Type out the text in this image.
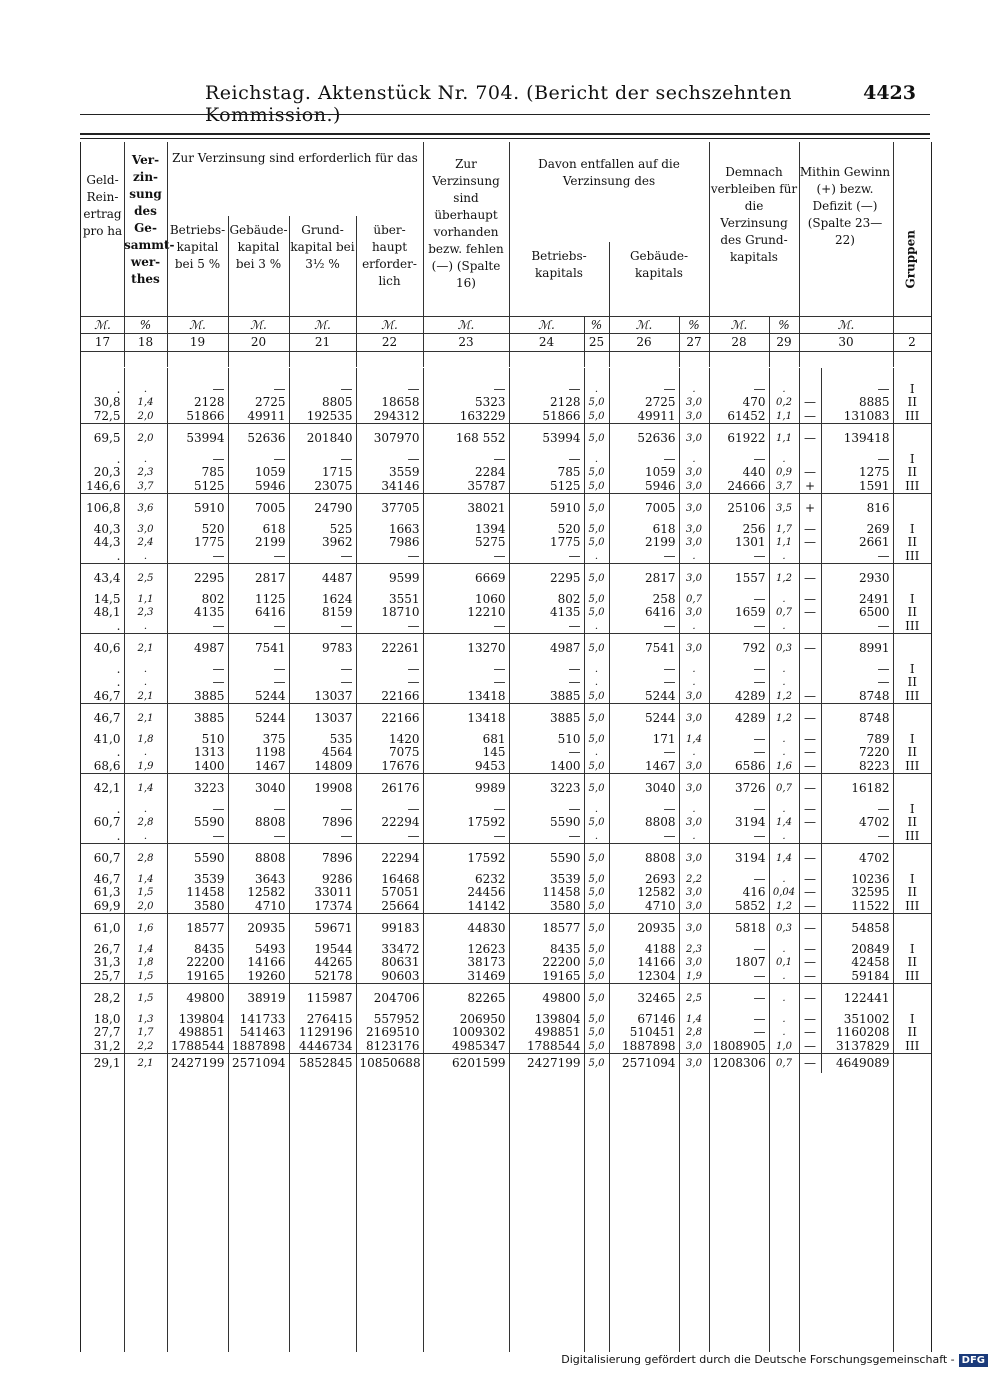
Reichstag. Aktenstück Nr. 704. (Bericht der sechszehnten Kommission.)
4423
Geld- Rein- ertrag pro ha
Ver- zin- sung des Ge- sammt- wer- thes
Zur Verzinsung sind erforderlich für das
Betriebs- kapital bei 5 %
Gebäude- kapital bei 3 %
Grund- kapital bei 3½ %
über- haupt erforder- lich
Zur Verzinsung sind überhaupt vorhanden bezw. fehlen (—) (Spalte 16)
Davon entfallen auf die Verzinsung des
Betriebs- kapitals
Gebäude- kapitals
Demnach verbleiben für die Verzinsung des Grund- kapitals
Mithin Gewinn (+) bezw. Defizit (—) (Spalte 23—22)	Gruppen
ℳ.	%	ℳ.	ℳ.	ℳ.	ℳ.	ℳ.	ℳ.	%	ℳ.	%	ℳ.	%	ℳ.
17	18	19	20	21	22	23	24	25	26	27	28	29	30	2

.	.	—	—	—	—	—	—	.	—	.	—	.		—	I
30,8	1,4	2128	2725	8805	18658	5323	2128	5,0	2725	3,0	470	0,2	—	8885	II
72,5	2,0	51866	49911	192535	294312	163229	51866	5,0	49911	3,0	61452	1,1	—	131083	III
69,5	2,0	53994	52636	201840	307970	168 552	53994	5,0	52636	3,0	61922	1,1	—	139418	
.	.	—	—	—	—	—	—	.	—	.	—	.		—	I
20,3	2,3	785	1059	1715	3559	2284	785	5,0	1059	3,0	440	0,9	—	1275	II
146,6	3,7	5125	5946	23075	34146	35787	5125	5,0	5946	3,0	24666	3,7	+	1591	III
106,8	3,6	5910	7005	24790	37705	38021	5910	5,0	7005	3,0	25106	3,5	+	816	
40,3	3,0	520	618	525	1663	1394	520	5,0	618	3,0	256	1,7	—	269	I
44,3	2,4	1775	2199	3962	7986	5275	1775	5,0	2199	3,0	1301	1,1	—	2661	II
.	.	—	—	—	—	—	—	.	—	.	—	.		—	III
43,4	2,5	2295	2817	4487	9599	6669	2295	5,0	2817	3,0	1557	1,2	—	2930	
14,5	1,1	802	1125	1624	3551	1060	802	5,0	258	0,7	—	.	—	2491	I
48,1	2,3	4135	6416	8159	18710	12210	4135	5,0	6416	3,0	1659	0,7	—	6500	II
.	.	—	—	—	—	—	—	.	—	.	—	.		—	III
40,6	2,1	4987	7541	9783	22261	13270	4987	5,0	7541	3,0	792	0,3	—	8991	
.	.	—	—	—	—	—	—	.	—	.	—	.		—	I
.	.	—	—	—	—	—	—	.	—	.	—	.		—	II
46,7	2,1	3885	5244	13037	22166	13418	3885	5,0	5244	3,0	4289	1,2	—	8748	III
46,7	2,1	3885	5244	13037	22166	13418	3885	5,0	5244	3,0	4289	1,2	—	8748	
41,0	1,8	510	375	535	1420	681	510	5,0	171	1,4	—	.	—	789	I
.	.	1313	1198	4564	7075	145	—	.	—	.	—	.	—	7220	II
68,6	1,9	1400	1467	14809	17676	9453	1400	5,0	1467	3,0	6586	1,6	—	8223	III
42,1	1,4	3223	3040	19908	26176	9989	3223	5,0	3040	3,0	3726	0,7	—	16182	
.	.	—	—	—	—	—	—	.	—	.	—	.	—	—	I
60,7	2,8	5590	8808	7896	22294	17592	5590	5,0	8808	3,0	3194	1,4	—	4702	II
.	.	—	—	—	—	—	—	.	—	.	—	.		—	III
60,7	2,8	5590	8808	7896	22294	17592	5590	5,0	8808	3,0	3194	1,4	—	4702	
46,7	1,4	3539	3643	9286	16468	6232	3539	5,0	2693	2,2	—	.	—	10236	I
61,3	1,5	11458	12582	33011	57051	24456	11458	5,0	12582	3,0	416	0,04	—	32595	II
69,9	2,0	3580	4710	17374	25664	14142	3580	5,0	4710	3,0	5852	1,2	—	11522	III
61,0	1,6	18577	20935	59671	99183	44830	18577	5,0	20935	3,0	5818	0,3	—	54858	
26,7	1,4	8435	5493	19544	33472	12623	8435	5,0	4188	2,3	—	.	—	20849	I
31,3	1,8	22200	14166	44265	80631	38173	22200	5,0	14166	3,0	1807	0,1	—	42458	II
25,7	1,5	19165	19260	52178	90603	31469	19165	5,0	12304	1,9	—	.	—	59184	III
28,2	1,5	49800	38919	115987	204706	82265	49800	5,0	32465	2,5	—	.	—	122441	
18,0	1,3	139804	141733	276415	557952	206950	139804	5,0	67146	1,4	—	.	—	351002	I
27,7	1,7	498851	541463	1129196	2169510	1009302	498851	5,0	510451	2,8	—	.	—	1160208	II
31,2	2,2	1788544	1887898	4446734	8123176	4985347	1788544	5,0	1887898	3,0	1808905	1,0	—	3137829	III
29,1	2,1	2427199	2571094	5852845	10850688	6201599	2427199	5,0	2571094	3,0	1208306	0,7	—	4649089	
Digitalisierung gefördert durch die Deutsche Forschungsgemeinschaft - DFG
